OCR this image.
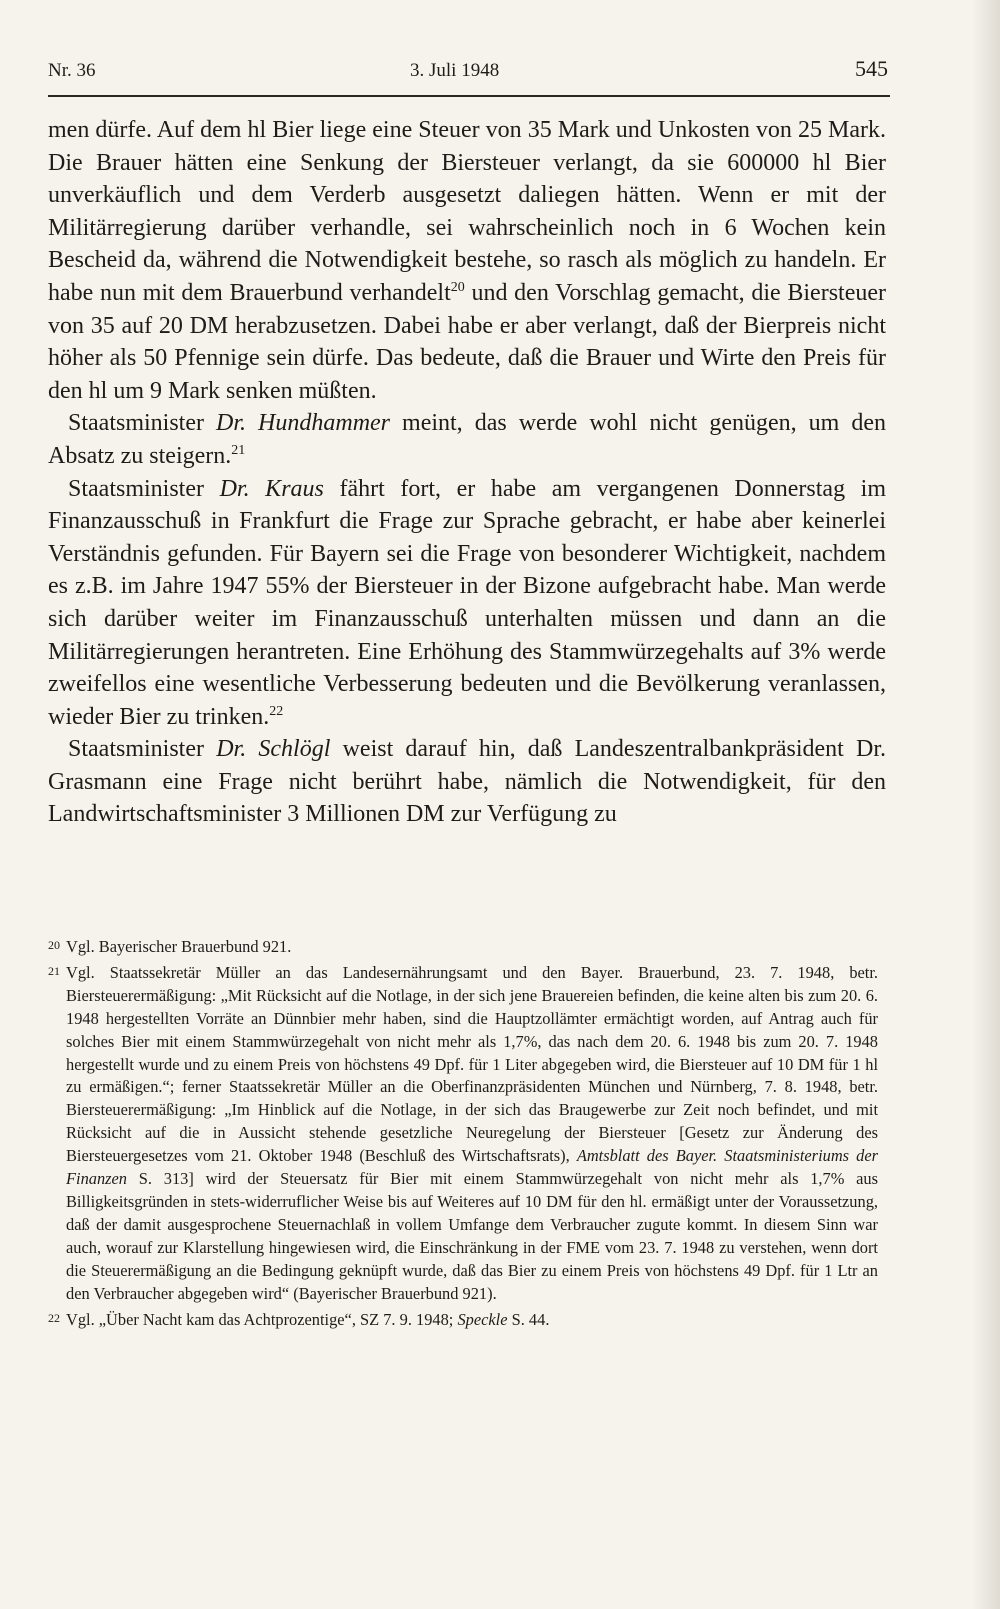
Nr. 36	3. Juli 1948	545

men dürfe. Auf dem hl Bier liege eine Steuer von 35 Mark und Unkosten von 25 Mark. Die Brauer hätten eine Senkung der Biersteuer verlangt, da sie 600000 hl Bier unverkäuflich und dem Verderb ausgesetzt daliegen hätten. Wenn er mit der Militärregierung darüber verhandle, sei wahrscheinlich noch in 6 Wochen kein Bescheid da, während die Notwendigkeit bestehe, so rasch als möglich zu handeln. Er habe nun mit dem Brauerbund verhandelt$^{20}$ und den Vorschlag gemacht, die Biersteuer von 35 auf 20 DM herabzusetzen. Dabei habe er aber verlangt, daß der Bierpreis nicht höher als 50 Pfennige sein dürfe. Das bedeute, daß die Brauer und Wirte den Preis für den hl um 9 Mark senken müßten.

Staatsminister Dr. Hundhammer meint, das werde wohl nicht genügen, um den Absatz zu steigern.$^{21}$

Staatsminister Dr. Kraus fährt fort, er habe am vergangenen Donnerstag im Finanzausschuß in Frankfurt die Frage zur Sprache gebracht, er habe aber keinerlei Verständnis gefunden. Für Bayern sei die Frage von besonderer Wichtigkeit, nachdem es z.B. im Jahre 1947 55% der Biersteuer in der Bizone aufgebracht habe. Man werde sich darüber weiter im Finanzausschuß unterhalten müssen und dann an die Militärregierungen herantreten. Eine Erhöhung des Stammwürzegehalts auf 3% werde zweifellos eine wesentliche Verbesserung bedeuten und die Bevölkerung veranlassen, wieder Bier zu trinken.$^{22}$

Staatsminister Dr. Schlögl weist darauf hin, daß Landeszentralbankpräsident Dr. Grasmann eine Frage nicht berührt habe, nämlich die Notwendigkeit, für den Landwirtschaftsminister 3 Millionen DM zur Verfügung zu

20 Vgl. Bayerischer Brauerbund 921.
21 Vgl. Staatssekretär Müller an das Landesernährungsamt und den Bayer. Brauerbund, 23. 7. 1948, betr. Biersteuerermäßigung: „Mit Rücksicht auf die Notlage, in der sich jene Brauereien befinden, die keine alten bis zum 20. 6. 1948 hergestellten Vorräte an Dünnbier mehr haben, sind die Hauptzollämter ermächtigt worden, auf Antrag auch für solches Bier mit einem Stammwürzegehalt von nicht mehr als 1,7%, das nach dem 20. 6. 1948 bis zum 20. 7. 1948 hergestellt wurde und zu einem Preis von höchstens 49 Dpf. für 1 Liter abgegeben wird, die Biersteuer auf 10 DM für 1 hl zu ermäßigen.“; ferner Staatssekretär Müller an die Oberfinanzpräsidenten München und Nürnberg, 7. 8. 1948, betr. Biersteuerermäßigung: „Im Hinblick auf die Notlage, in der sich das Braugewerbe zur Zeit noch befindet, und mit Rücksicht auf die in Aussicht stehende gesetzliche Neuregelung der Biersteuer [Gesetz zur Änderung des Biersteuergesetzes vom 21. Oktober 1948 (Beschluß des Wirtschaftsrats), Amtsblatt des Bayer. Staatsministeriums der Finanzen S. 313] wird der Steuersatz für Bier mit einem Stammwürzegehalt von nicht mehr als 1,7% aus Billigkeitsgründen in stets-widerruflicher Weise bis auf Weiteres auf 10 DM für den hl. ermäßigt unter der Voraussetzung, daß der damit ausgesprochene Steuernachlaß in vollem Umfange dem Verbraucher zugute kommt. In diesem Sinn war auch, worauf zur Klarstellung hingewiesen wird, die Einschränkung in der FME vom 23. 7. 1948 zu verstehen, wenn dort die Steuerermäßigung an die Bedingung geknüpft wurde, daß das Bier zu einem Preis von höchstens 49 Dpf. für 1 Ltr an den Verbraucher abgegeben wird“ (Bayerischer Brauerbund 921).
22 Vgl. „Über Nacht kam das Achtprozentige“, SZ 7. 9. 1948; Speckle S. 44.
